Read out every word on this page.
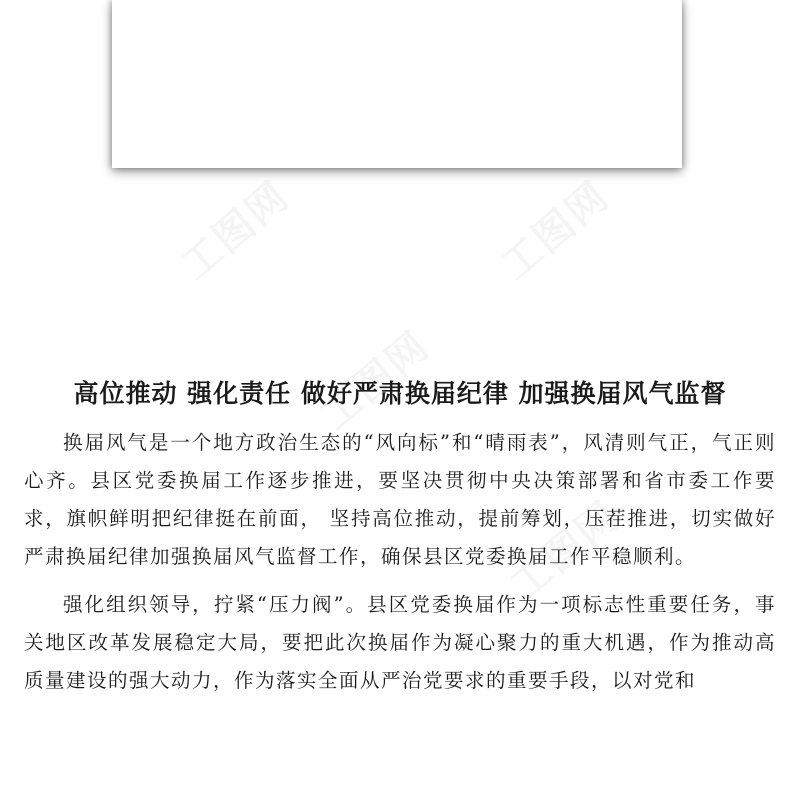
高位推动 强化责任 做好严肃换届纪律 加强换届风气监督

换届风气是一个地方政治生态的“风向标”和“晴雨表”，风清则气正，气正则心齐。县区党委换届工作逐步推进，要坚决贯彻中央决策部署和省市委工作要求，旗帜鲜明把纪律挺在前面， 坚持高位推动，提前筹划，压茬推进，切实做好严肃换届纪律加强换届风气监督工作，确保县区党委换届工作平稳顺利。

强化组织领导，拧紧“压力阀”。县区党委换届作为一项标志性重要任务，事关地区改革发展稳定大局，要把此次换届作为凝心聚力的重大机遇，作为推动高质量建设的强大动力，作为落实全面从严治党要求的重要手段，以对党和
